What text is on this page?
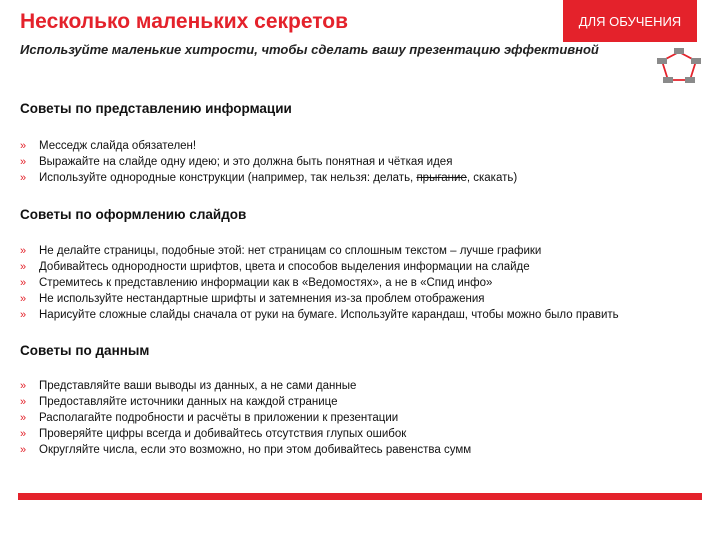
Несколько маленьких секретов	ДЛЯ ОБУЧЕНИЯ
Используйте маленькие хитрости, чтобы сделать вашу презентацию эффективной
Советы по представлению информации
»	Месседж слайда обязателен!
»	Выражайте на слайде одну идею; и это должна быть понятная и чёткая идея
»	Используйте однородные конструкции (например, так нельзя: делать, прыгание, скакать)
Советы по оформлению слайдов
»	Не делайте страницы, подобные этой: нет страницам со сплошным текстом – лучше графики
»	Добивайтесь однородности шрифтов, цвета и способов выделения информации на слайде
»	Стремитесь к представлению информации как в «Ведомостях», а не в «Спид инфо»
»	Не используйте нестандартные шрифты и затемнения из-за проблем отображения
»	Нарисуйте сложные слайды сначала от руки на бумаге. Используйте карандаш, чтобы можно было править
Советы по данным
»	Представляйте ваши выводы из данных, а не сами данные
»	Предоставляйте источники данных на каждой странице
»	Располагайте подробности и расчёты в приложении к презентации
»	Проверяйте цифры всегда и добивайтесь отсутствия глупых ошибок
»	Округляйте числа, если это возможно, но при этом добивайтесь равенства сумм
